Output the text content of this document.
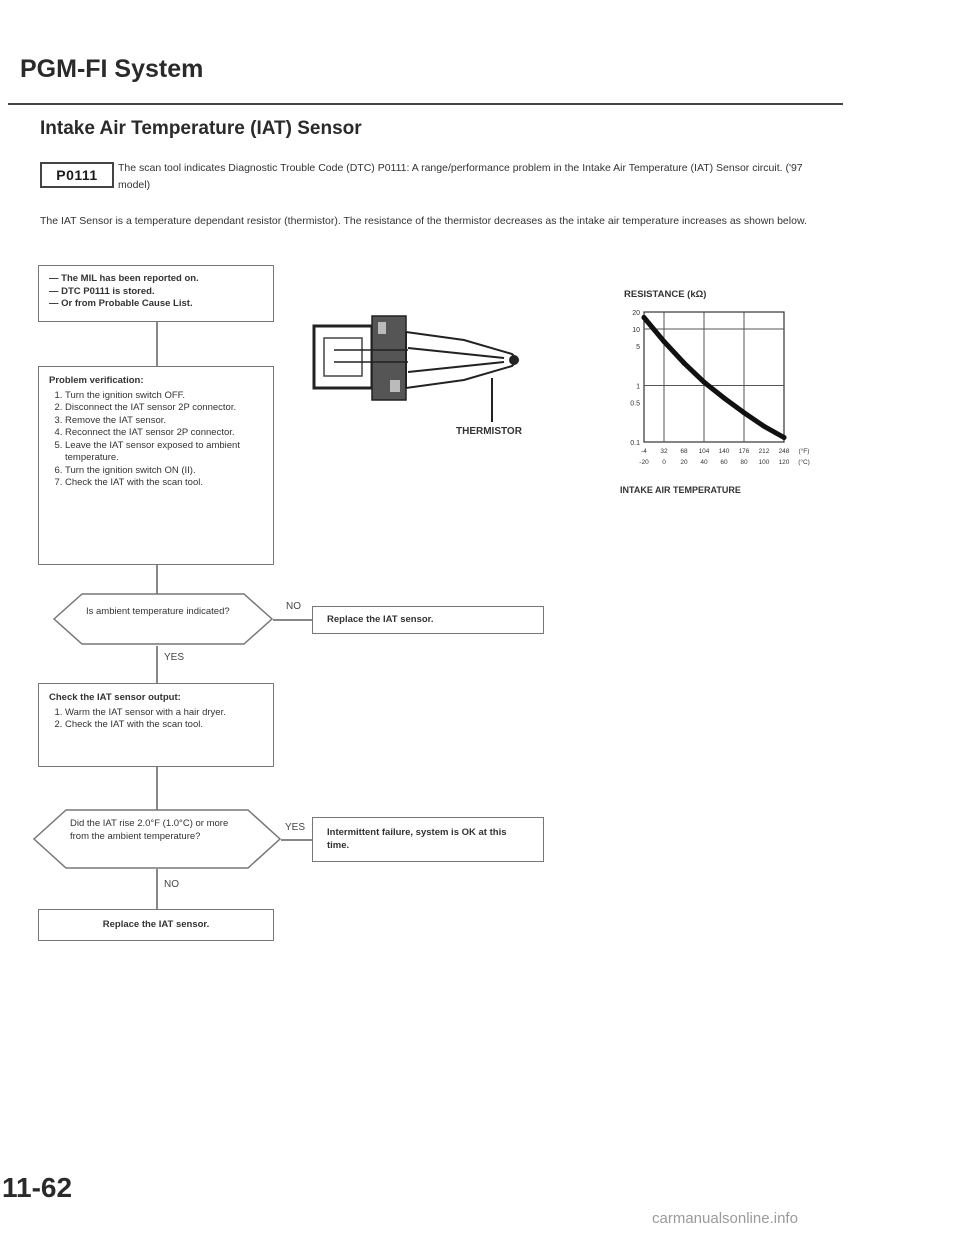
PGM-FI System
Intake Air Temperature (IAT) Sensor
P0111	The scan tool indicates Diagnostic Trouble Code (DTC) P0111: A range/performance problem in the Intake Air Temperature (IAT) Sensor circuit. ('97 model)
The IAT Sensor is a temperature dependant resistor (thermistor). The resistance of the thermistor decreases as the intake air temperature increases as shown below.
— The MIL has been reported on.
— DTC P0111 is stored.
— Or from Probable Cause List.
Problem verification:
1. Turn the ignition switch OFF.
2. Disconnect the IAT sensor 2P connector.
3. Remove the IAT sensor.
4. Reconnect the IAT sensor 2P connector.
5. Leave the IAT sensor exposed to ambient temperature.
6. Turn the ignition switch ON (II).
7. Check the IAT with the scan tool.
Is ambient temperature indicated?	NO
Replace the IAT sensor.
YES
Check the IAT sensor output:
1. Warm the IAT sensor with a hair dryer.
2. Check the IAT with the scan tool.
Did the IAT rise 2.0°F (1.0°C) or more from the ambient temperature?
YES	Intermittent failure, system is OK at this time.
NO
Replace the IAT sensor.
THERMISTOR
RESISTANCE (kΩ)
20
10
5
1
0.5
0.1
-4 32 68 104 140 176 212 248 (°F)
-20 0 20 40 60 80 100 120 (°C)
INTAKE AIR TEMPERATURE
11-62
carmanualsonline.info
